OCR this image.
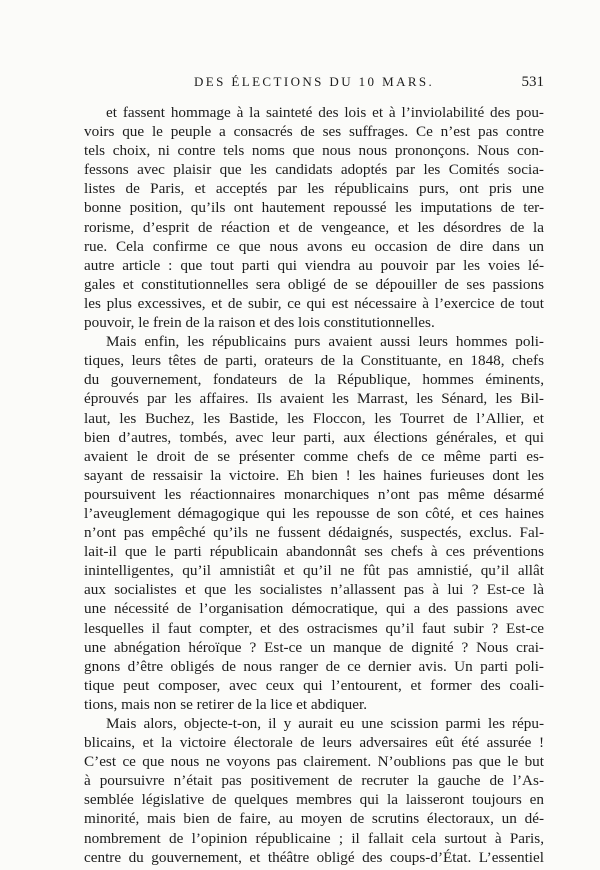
DES ÉLECTIONS DU 10 MARS.	531
et fassent hommage à la sainteté des lois et à l’inviolabilité des pou-
voirs que le peuple a consacrés de ses suffrages. Ce n’est pas contre
tels choix, ni contre tels noms que nous nous prononçons. Nous con-
fessons avec plaisir que les candidats adoptés par les Comités socia-
listes de Paris, et acceptés par les républicains purs, ont pris une
bonne position, qu’ils ont hautement repoussé les imputations de ter-
rorisme, d’esprit de réaction et de vengeance, et les désordres de la
rue. Cela confirme ce que nous avons eu occasion de dire dans un
autre article : que tout parti qui viendra au pouvoir par les voies lé-
gales et constitutionnelles sera obligé de se dépouiller de ses passions
les plus excessives, et de subir, ce qui est nécessaire à l’exercice de tout
pouvoir, le frein de la raison et des lois constitutionnelles.
Mais enfin, les républicains purs avaient aussi leurs hommes poli-
tiques, leurs têtes de parti, orateurs de la Constituante, en 1848, chefs
du gouvernement, fondateurs de la République, hommes éminents,
éprouvés par les affaires. Ils avaient les Marrast, les Sénard, les Bil-
laut, les Buchez, les Bastide, les Floccon, les Tourret de l’Allier, et
bien d’autres, tombés, avec leur parti, aux élections générales, et qui
avaient le droit de se présenter comme chefs de ce même parti es-
sayant de ressaisir la victoire. Eh bien ! les haines furieuses dont les
poursuivent les réactionnaires monarchiques n’ont pas même désarmé
l’aveuglement démagogique qui les repousse de son côté, et ces haines
n’ont pas empêché qu’ils ne fussent dédaignés, suspectés, exclus. Fal-
lait-il que le parti républicain abandonnât ses chefs à ces préventions
inintelligentes, qu’il amnistiât et qu’il ne fût pas amnistié, qu’il allât
aux socialistes et que les socialistes n’allassent pas à lui ? Est-ce là
une nécessité de l’organisation démocratique, qui a des passions avec
lesquelles il faut compter, et des ostracismes qu’il faut subir ? Est-ce
une abnégation héroïque ? Est-ce un manque de dignité ? Nous crai-
gnons d’être obligés de nous ranger de ce dernier avis. Un parti poli-
tique peut composer, avec ceux qui l’entourent, et former des coali-
tions, mais non se retirer de la lice et abdiquer.
Mais alors, objecte-t-on, il y aurait eu une scission parmi les répu-
blicains, et la victoire électorale de leurs adversaires eût été assurée !
C’est ce que nous ne voyons pas clairement. N’oublions pas que le but
à poursuivre n’était pas positivement de recruter la gauche de l’As-
semblée législative de quelques membres qui la laisseront toujours en
minorité, mais bien de faire, au moyen de scrutins électoraux, un dé-
nombrement de l’opinion républicaine ; il fallait cela surtout à Paris,
centre du gouvernement, et théâtre obligé des coups-d’État. L’essentiel
